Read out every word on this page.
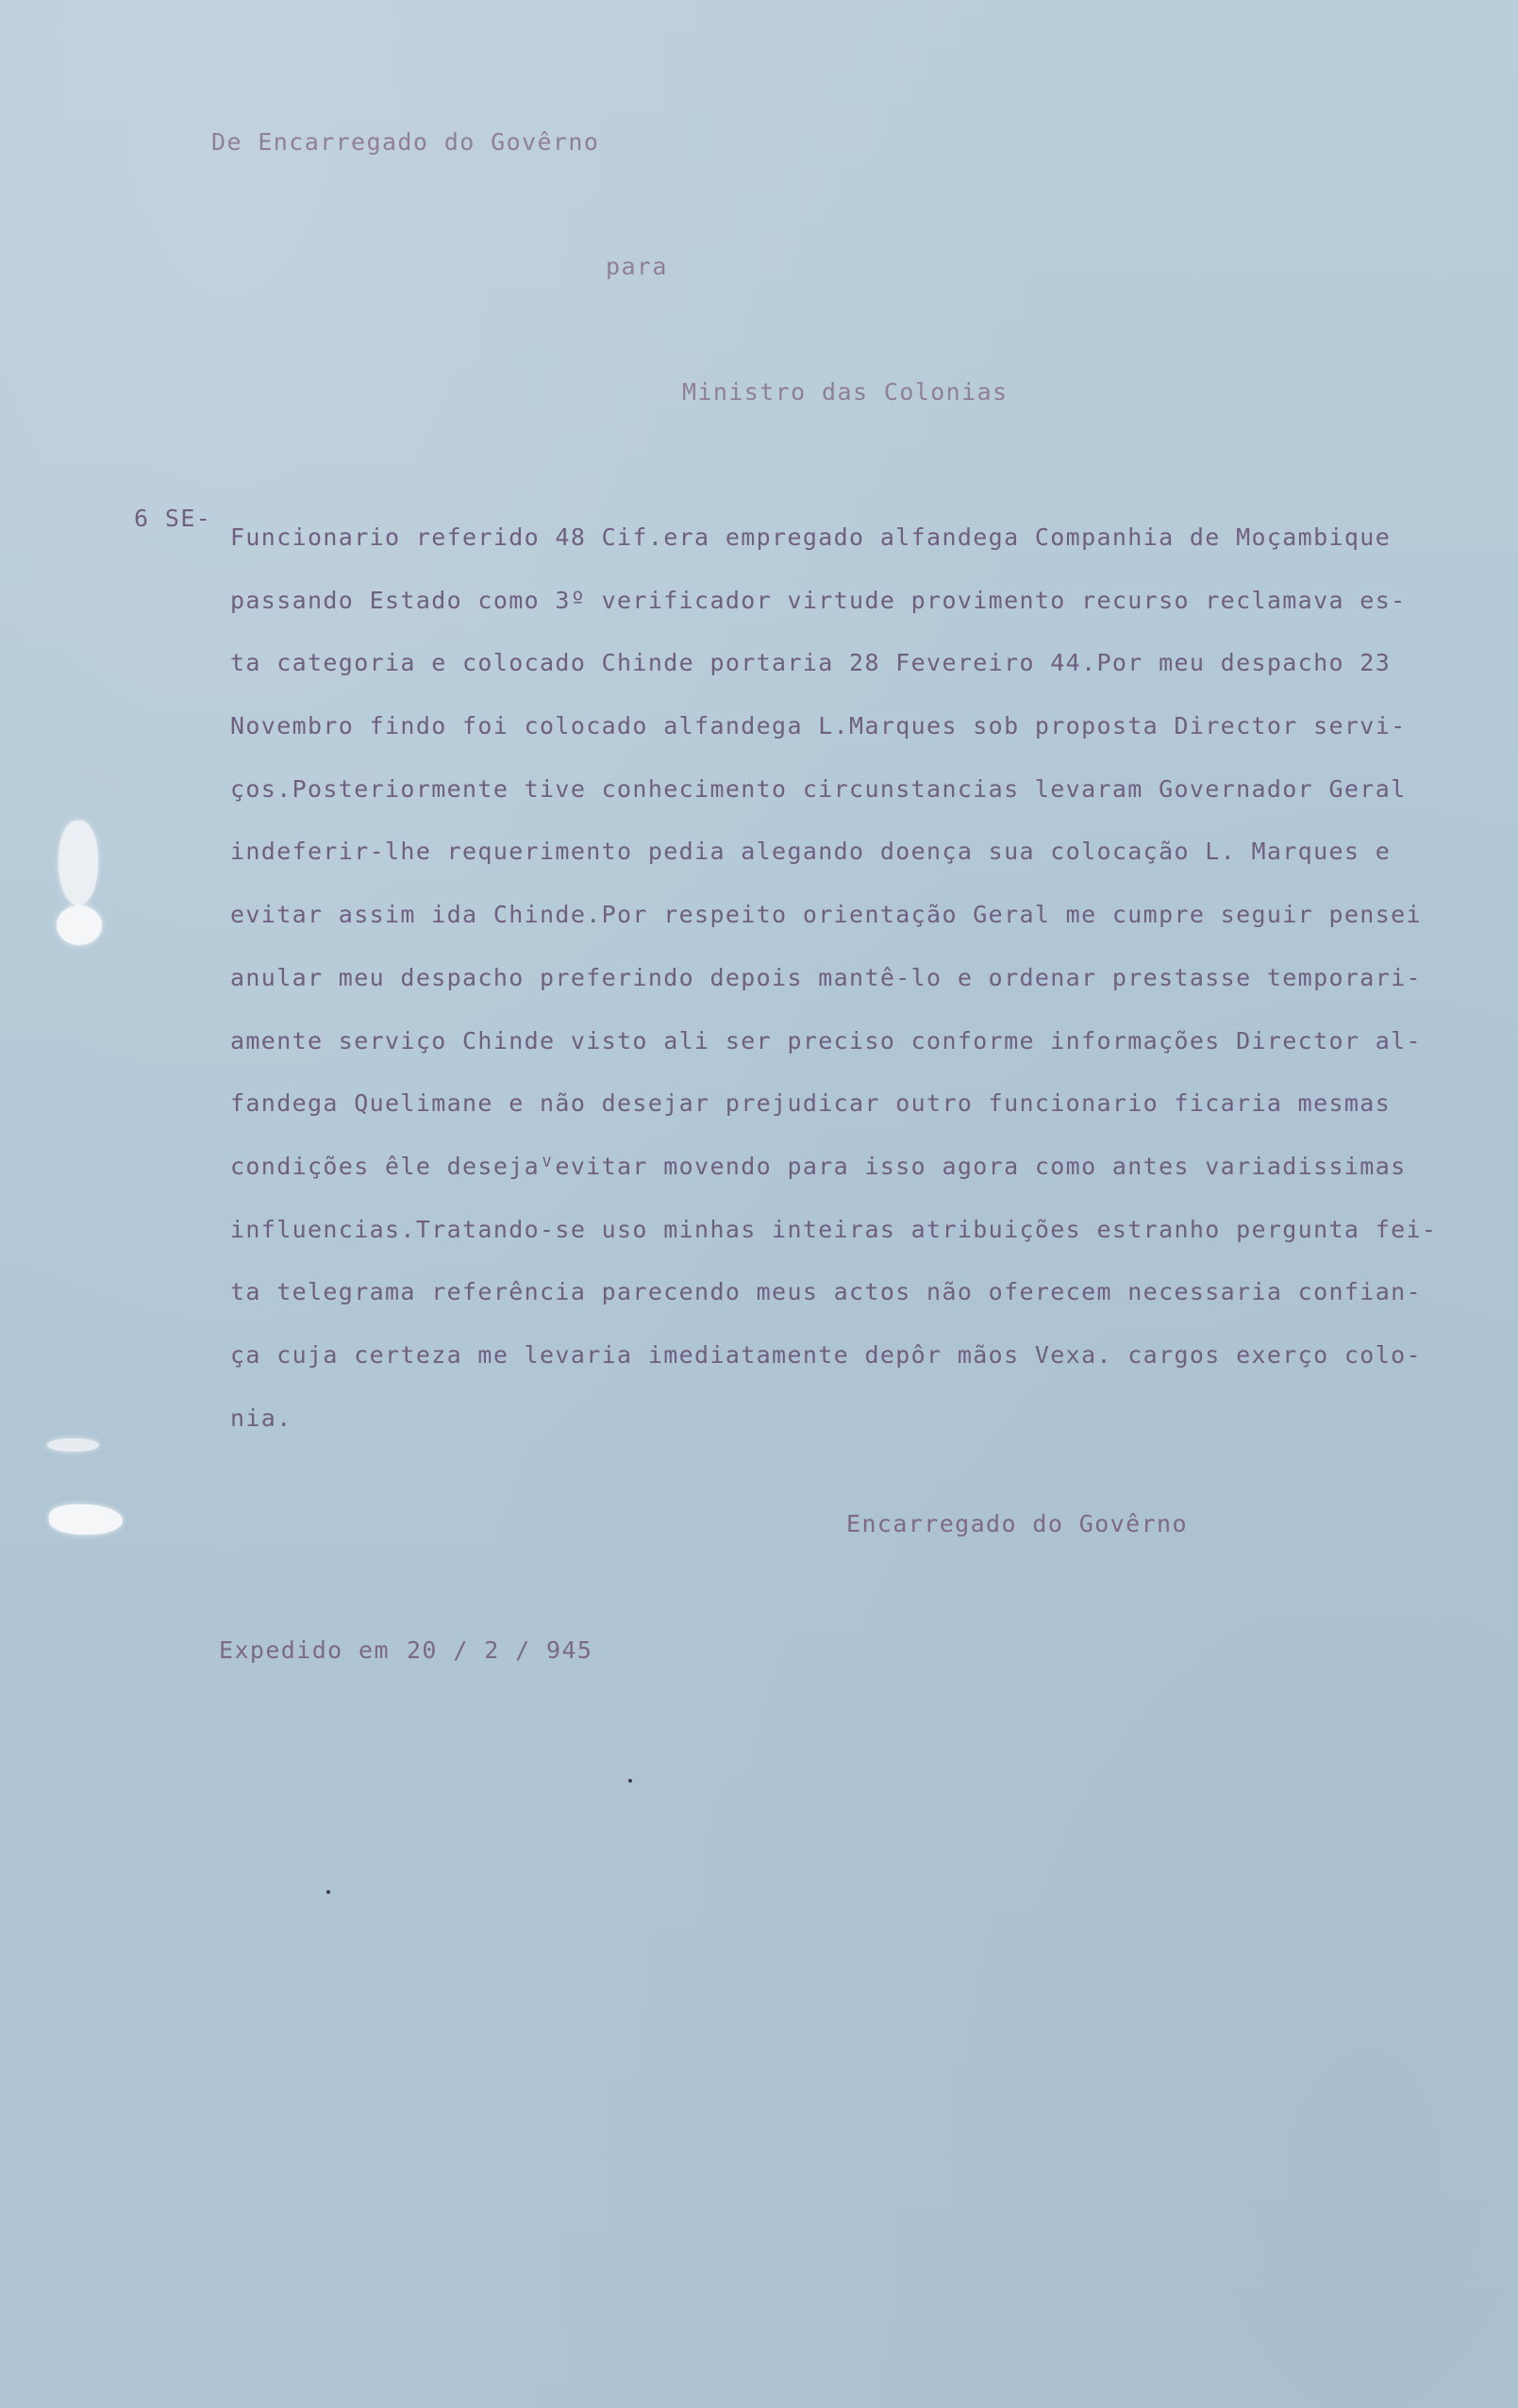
De Encarregado do Govêrno
para
Ministro das Colonias
6 SE-
Funcionario referido 48 Cif.era empregado alfandega Companhia de Moçambique
passando Estado como 3º verificador virtude provimento recurso reclamava es-
ta categoria e colocado Chinde portaria 28 Fevereiro 44.Por meu despacho 23
Novembro findo foi colocado alfandega L.Marques sob proposta Director servi-
ços.Posteriormente tive conhecimento circunstancias levaram Governador Geral
indeferir-lhe requerimento pedia alegando doença sua colocação L. Marques e
evitar assim ida Chinde.Por respeito orientação Geral me cumpre seguir pensei
anular meu despacho preferindo depois mantê-lo e ordenar prestasse temporari-
amente serviço Chinde visto ali ser preciso conforme informações Director al-
fandega Quelimane e não desejar prejudicar outro funcionario ficaria mesmas
condições êle desejaⱽevitar movendo para isso agora como antes variadissimas
influencias.Tratando-se uso minhas inteiras atribuições estranho pergunta fei-
ta telegrama referência parecendo meus actos não oferecem necessaria confian-
ça cuja certeza me levaria imediatamente depôr mãos Vexa. cargos exerço colo-
nia.
Encarregado do Govêrno
Expedido em 20 / 2 / 945
